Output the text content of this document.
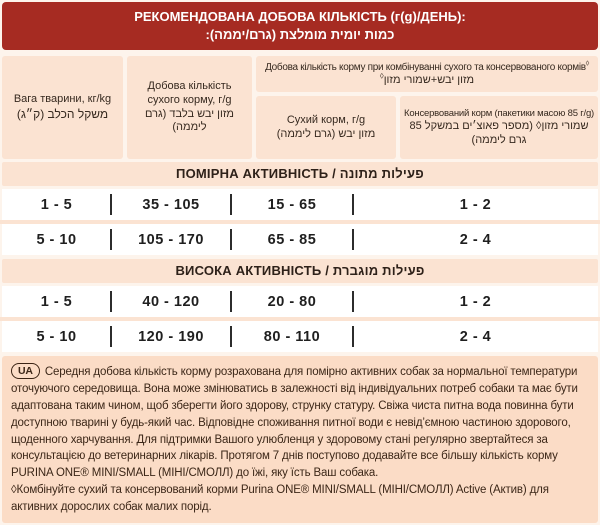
РЕКОМЕНДОВАНА ДОБОВА КІЛЬКІСТЬ (г(g)/ДЕНЬ):
כמות יומית מומלצת (גרם/יממה):
Вага тварини, кг/kg
משקל הכלב (ק״ג)
Добова кількість сухого корму, г/g
מזון יבש בלבד (גרם ליממה)
Добова кількість корму при комбінуванні сухого та консервованого кормів◊
מזון יבש+שמורי מזון◊
Сухий корм, г/g
מזון יבש (גרם ליממה)
Консервований корм (пакетики масою 85 г/g)
שמורי מזון◊ (מספר פאוצ׳ים במשקל 85 גרם ליממה)
ПОМІРНА АКТИВНІСТЬ / פעילות מתונה
1 - 5	35 - 105	15 - 65	1 - 2
5 - 10	105 - 170	65 - 85	2 - 4
ВИСОКА АКТИВНІСТЬ / פעילות מוגברת
1 - 5	40 - 120	20 - 80	1 - 2
5 - 10	120 - 190	80 - 110	2 - 4

UA Середня добова кількість корму розрахована для помірно активних собак за нормальної температури оточуючого середовища. Вона може змінюватись в залежності від індивідуальних потреб собаки та має бути адаптована таким чином, щоб зберегти його здорову, струнку статуру. Свіжа чиста питна вода повинна бути доступною тварині у будь-який час. Відповідне споживання питної води є невід’ємною частиною здорового, щоденного харчування. Для підтримки Вашого улюбленця у здоровому стані регулярно звертайтеся за консультацією до ветеринарних лікарів. Протягом 7 днів поступово додавайте все більшу кількість корму PURINA ONE® MINI/SMALL (МІНІ/СМОЛЛ) до їжі, яку їсть Ваш собака.

◊Комбінуйте сухий та консервований корми Purina ONE® MINI/SMALL (МІНІ/СМОЛЛ) Active (Актив) для активних дорослих собак малих порід.
